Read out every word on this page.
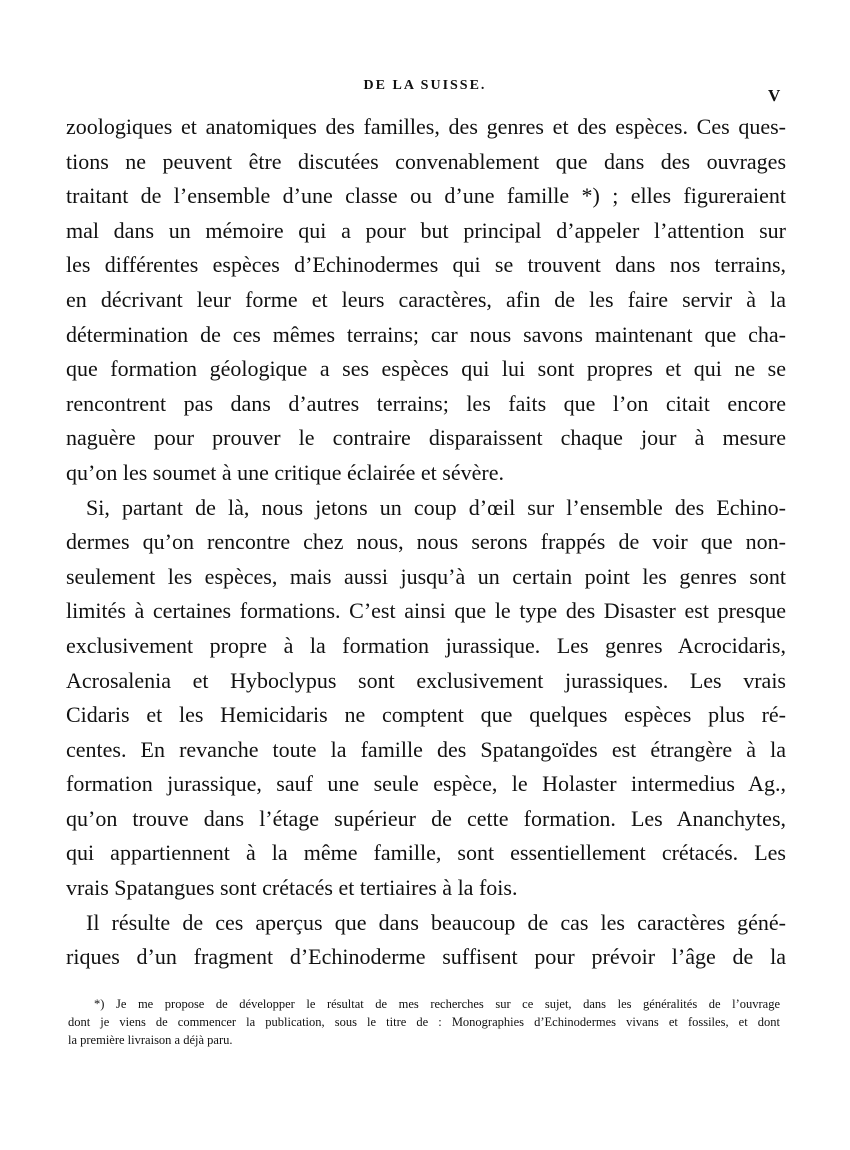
DE LA SUISSE.
V
zoologiques et anatomiques des familles, des genres et des espèces. Ces ques-
tions ne peuvent être discutées convenablement que dans des ouvrages
traitant de l’ensemble d’une classe ou d’une famille *) ; elles figureraient
mal dans un mémoire qui a pour but principal d’appeler l’attention sur
les différentes espèces d’Echinodermes qui se trouvent dans nos terrains,
en décrivant leur forme et leurs caractères, afin de les faire servir à la
détermination de ces mêmes terrains; car nous savons maintenant que cha-
que formation géologique a ses espèces qui lui sont propres et qui ne se
rencontrent pas dans d’autres terrains; les faits que l’on citait encore
naguère pour prouver le contraire disparaissent chaque jour à mesure
qu’on les soumet à une critique éclairée et sévère.
Si, partant de là, nous jetons un coup d’œil sur l’ensemble des Echino-
dermes qu’on rencontre chez nous, nous serons frappés de voir que non-
seulement les espèces, mais aussi jusqu’à un certain point les genres sont
limités à certaines formations. C’est ainsi que le type des Disaster est presque
exclusivement propre à la formation jurassique. Les genres Acrocidaris,
Acrosalenia et Hyboclypus sont exclusivement jurassiques. Les vrais
Cidaris et les Hemicidaris ne comptent que quelques espèces plus ré-
centes. En revanche toute la famille des Spatangoïdes est étrangère à la
formation jurassique, sauf une seule espèce, le Holaster intermedius Ag.,
qu’on trouve dans l’étage supérieur de cette formation. Les Ananchytes,
qui appartiennent à la même famille, sont essentiellement crétacés. Les
vrais Spatangues sont crétacés et tertiaires à la fois.
Il résulte de ces aperçus que dans beaucoup de cas les caractères géné-
riques d’un fragment d’Echinoderme suffisent pour prévoir l’âge de la
*) Je me propose de développer le résultat de mes recherches sur ce sujet, dans les généralités de l’ouvrage
dont je viens de commencer la publication, sous le titre de : Monographies d’Echinodermes vivans et fossiles, et dont
la première livraison a déjà paru.
